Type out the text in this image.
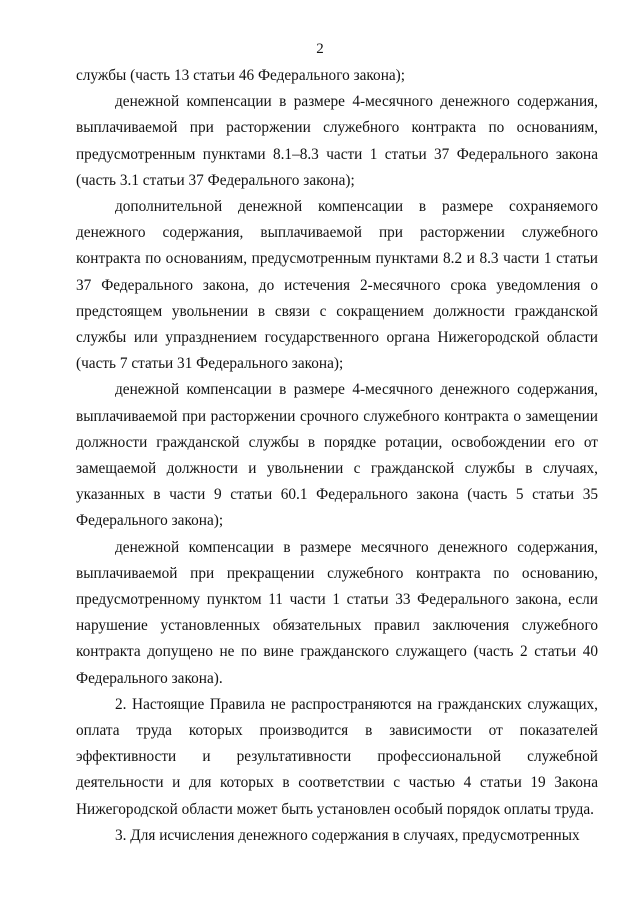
2

службы (часть 13 статьи 46 Федерального закона);

денежной компенсации в размере 4-месячного денежного содержания, выплачиваемой при расторжении служебного контракта по основаниям, предусмотренным пунктами 8.1–8.3 части 1 статьи 37 Федерального закона (часть 3.1 статьи 37 Федерального закона);

дополнительной денежной компенсации в размере сохраняемого денежного содержания, выплачиваемой при расторжении служебного контракта по основаниям, предусмотренным пунктами 8.2 и 8.3 части 1 статьи 37 Федерального закона, до истечения 2-месячного срока уведомления о предстоящем увольнении в связи с сокращением должности гражданской службы или упразднением государственного органа Нижегородской области (часть 7 статьи 31 Федерального закона);

денежной компенсации в размере 4-месячного денежного содержания, выплачиваемой при расторжении срочного служебного контракта о замещении должности гражданской службы в порядке ротации, освобождении его от замещаемой должности и увольнении с гражданской службы в случаях, указанных в части 9 статьи 60.1 Федерального закона (часть 5 статьи 35 Федерального закона);

денежной компенсации в размере месячного денежного содержания, выплачиваемой при прекращении служебного контракта по основанию, предусмотренному пунктом 11 части 1 статьи 33 Федерального закона, если нарушение установленных обязательных правил заключения служебного контракта допущено не по вине гражданского служащего (часть 2 статьи 40 Федерального закона).

2. Настоящие Правила не распространяются на гражданских служащих, оплата труда которых производится в зависимости от показателей эффективности и результативности профессиональной служебной деятельности и для которых в соответствии с частью 4 статьи 19 Закона Нижегородской области может быть установлен особый порядок оплаты труда.

3. Для исчисления денежного содержания в случаях, предусмотренных
